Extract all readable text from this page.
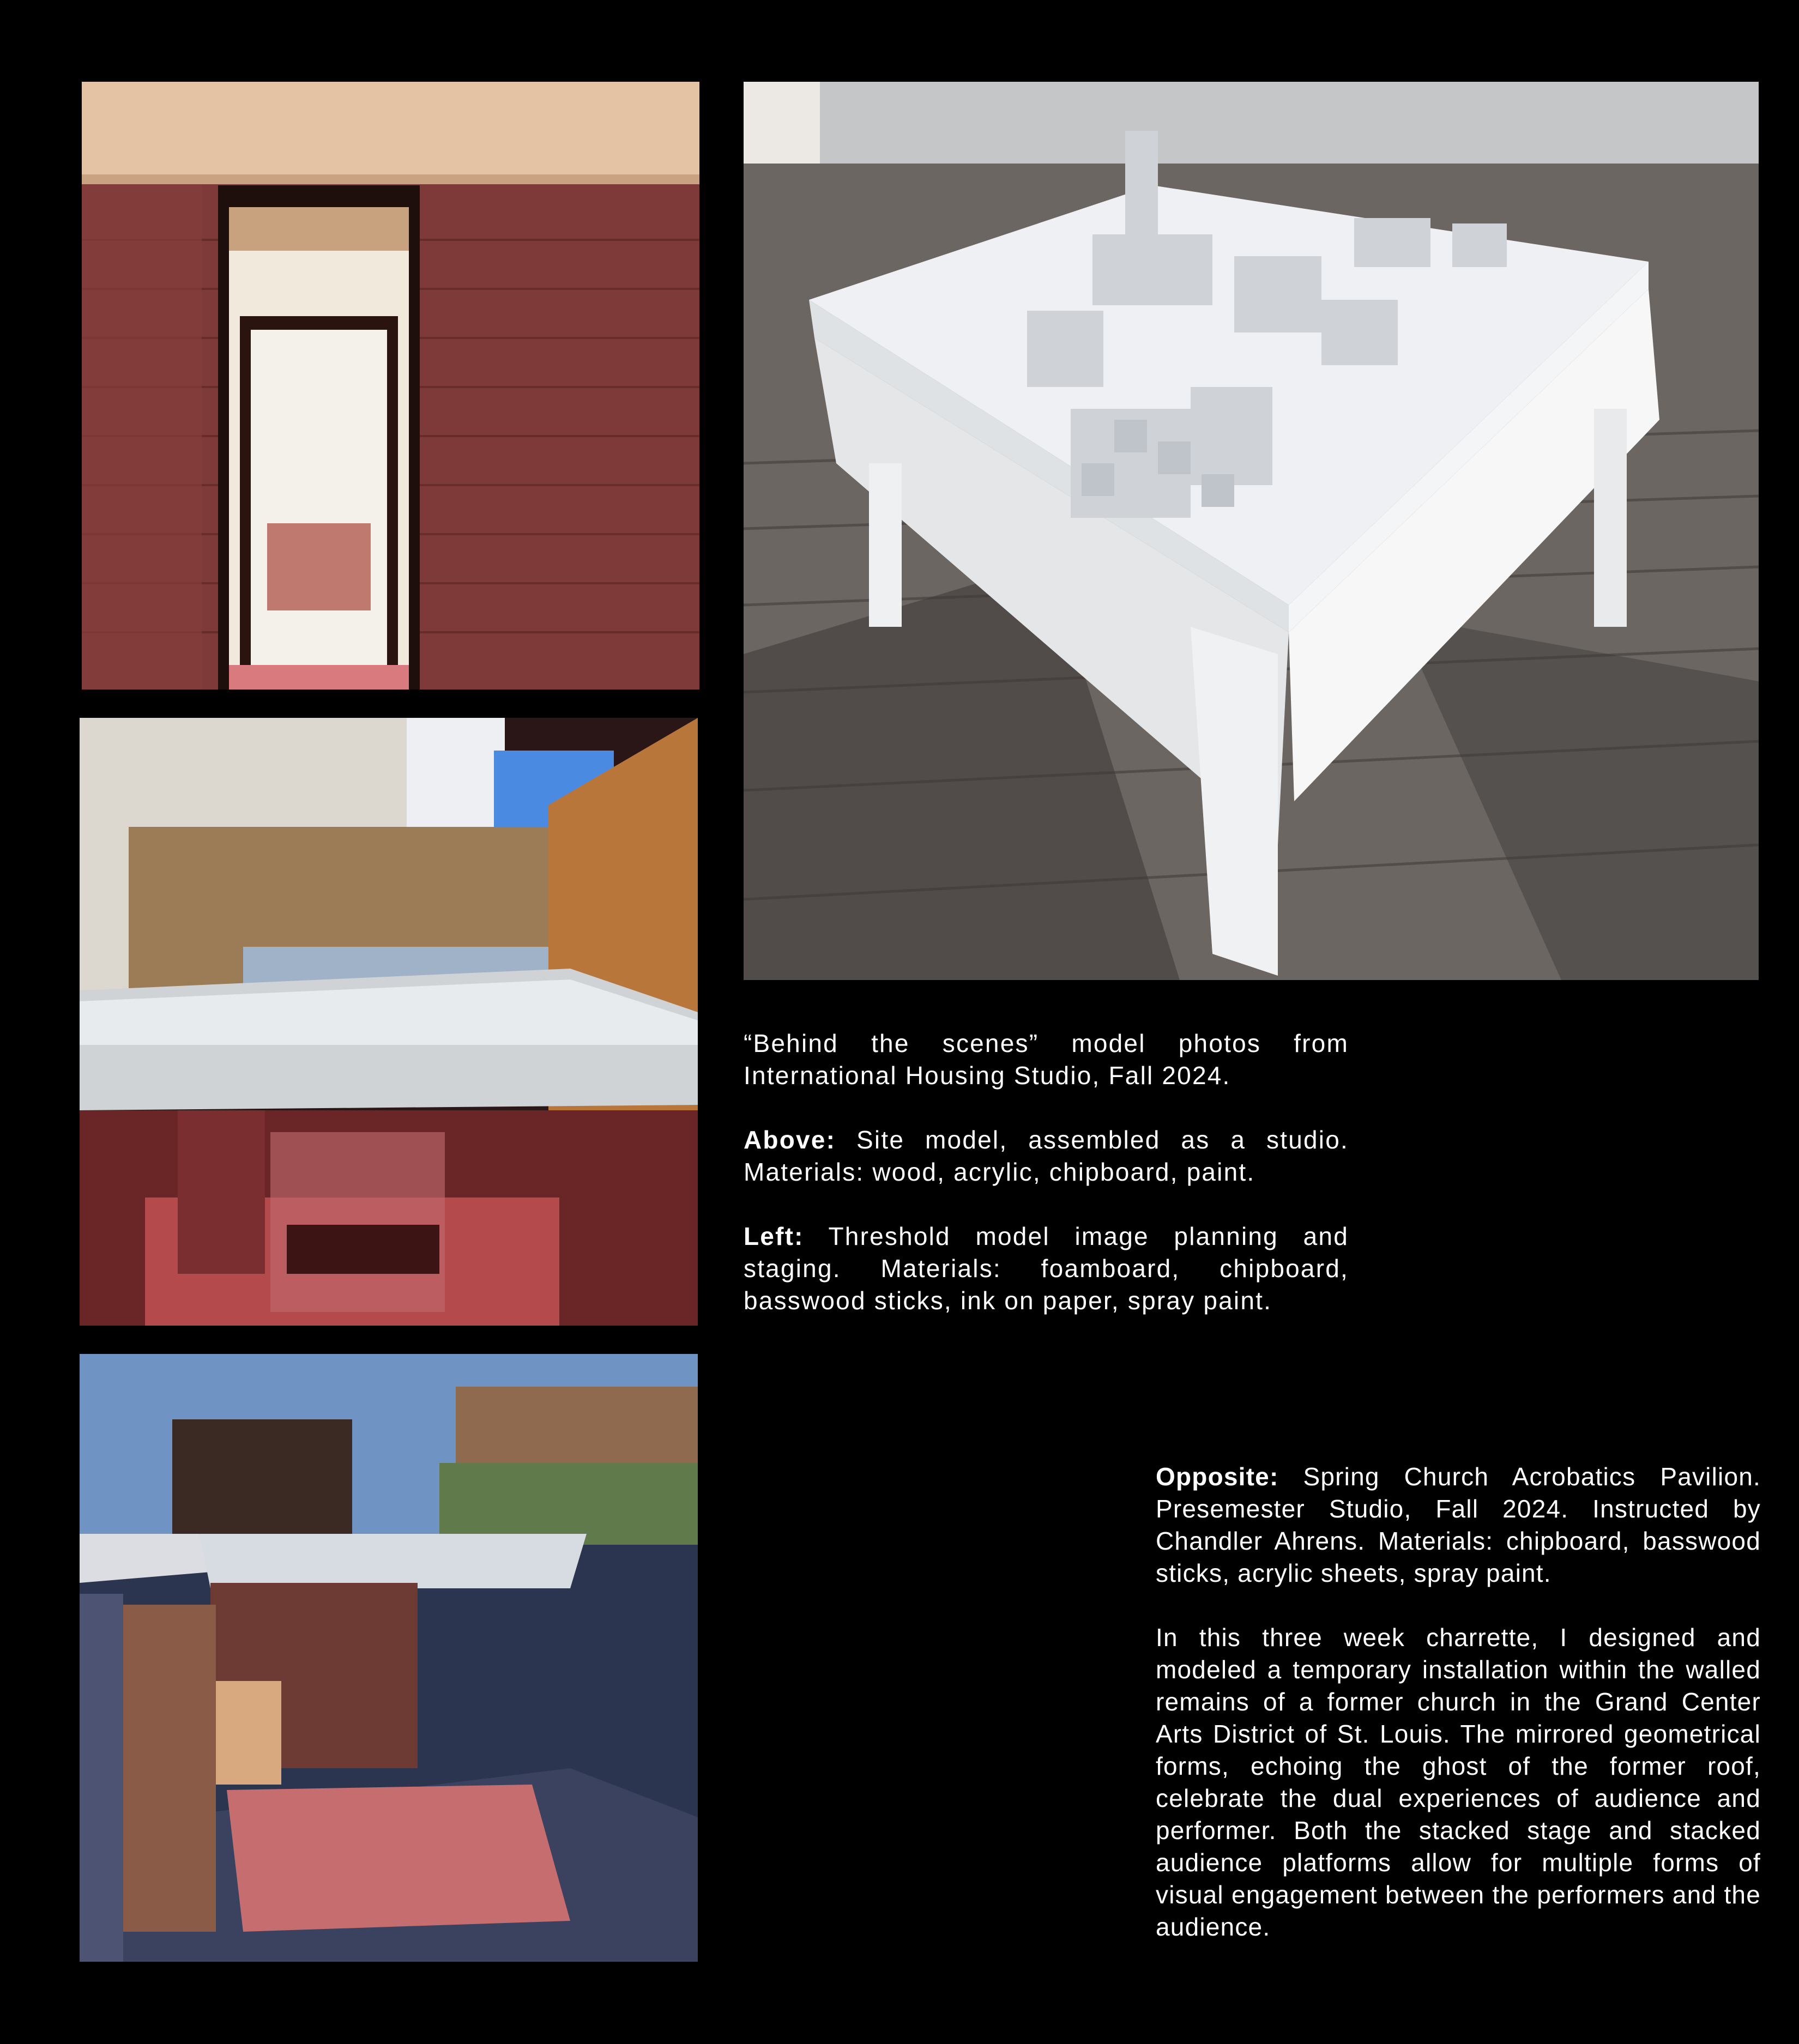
“Behind the scenes” model photos from International Housing Studio, Fall 2024.

Above: Site model, assembled as a studio. Materials: wood, acrylic, chipboard, paint.

Left: Threshold model image planning and staging. Materials: foamboard, chipboard, basswood sticks, ink on paper, spray paint.

Opposite: Spring Church Acrobatics Pavilion. Presemester Studio, Fall 2024. Instructed by Chandler Ahrens. Materials: chipboard, basswood sticks, acrylic sheets, spray paint.

In this three week charrette, I designed and modeled a temporary installation within the walled remains of a former church in the Grand Center Arts District of St. Louis. The mirrored geometrical forms, echoing the ghost of the former roof, celebrate the dual experiences of audience and performer. Both the stacked stage and stacked audience platforms allow for multiple forms of visual engagement between the performers and the audience.
